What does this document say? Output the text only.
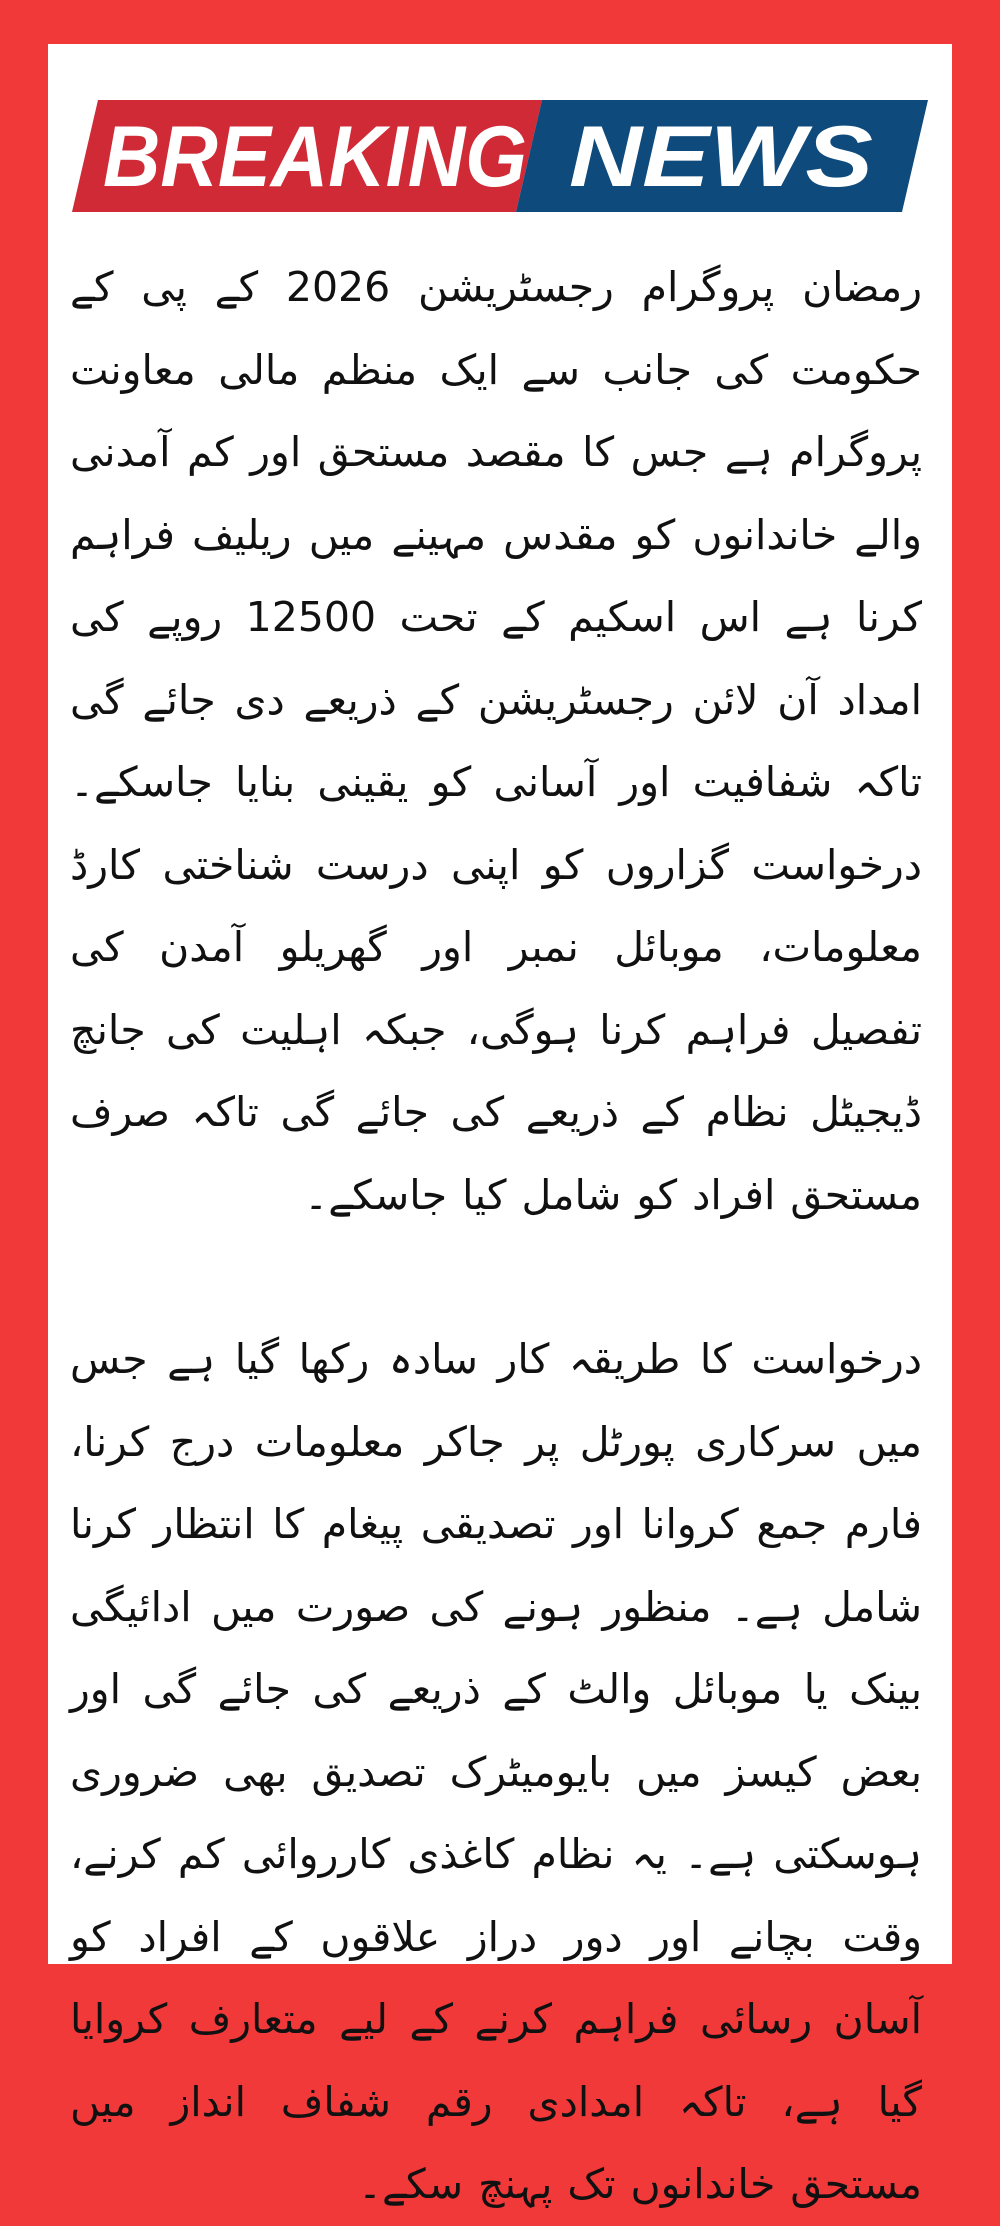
BREAKING NEWS

رمضان پروگرام رجسٹریشن 2026 کے پی کے حکومت کی جانب سے ایک منظم مالی معاونت پروگرام ہے جس کا مقصد مستحق اور کم آمدنی والے خاندانوں کو مقدس مہینے میں ریلیف فراہم کرنا ہے اس اسکیم کے تحت 12500 روپے کی امداد آن لائن رجسٹریشن کے ذریعے دی جائے گی تاکہ شفافیت اور آسانی کو یقینی بنایا جاسکے۔ درخواست گزاروں کو اپنی درست شناختی کارڈ معلومات، موبائل نمبر اور گھریلو آمدن کی تفصیل فراہم کرنا ہوگی، جبکہ اہلیت کی جانچ ڈیجیٹل نظام کے ذریعے کی جائے گی تاکہ صرف مستحق افراد کو شامل کیا جاسکے۔

درخواست کا طریقہ کار سادہ رکھا گیا ہے جس میں سرکاری پورٹل پر جاکر معلومات درج کرنا، فارم جمع کروانا اور تصدیقی پیغام کا انتظار کرنا شامل ہے۔ منظور ہونے کی صورت میں ادائیگی بینک یا موبائل والٹ کے ذریعے کی جائے گی اور بعض کیسز میں بایومیٹرک تصدیق بھی ضروری ہوسکتی ہے۔ یہ نظام کاغذی کارروائی کم کرنے، وقت بچانے اور دور دراز علاقوں کے افراد کو آسان رسائی فراہم کرنے کے لیے متعارف کروایا گیا ہے، تاکہ امدادی رقم شفاف انداز میں مستحق خاندانوں تک پہنچ سکے۔
